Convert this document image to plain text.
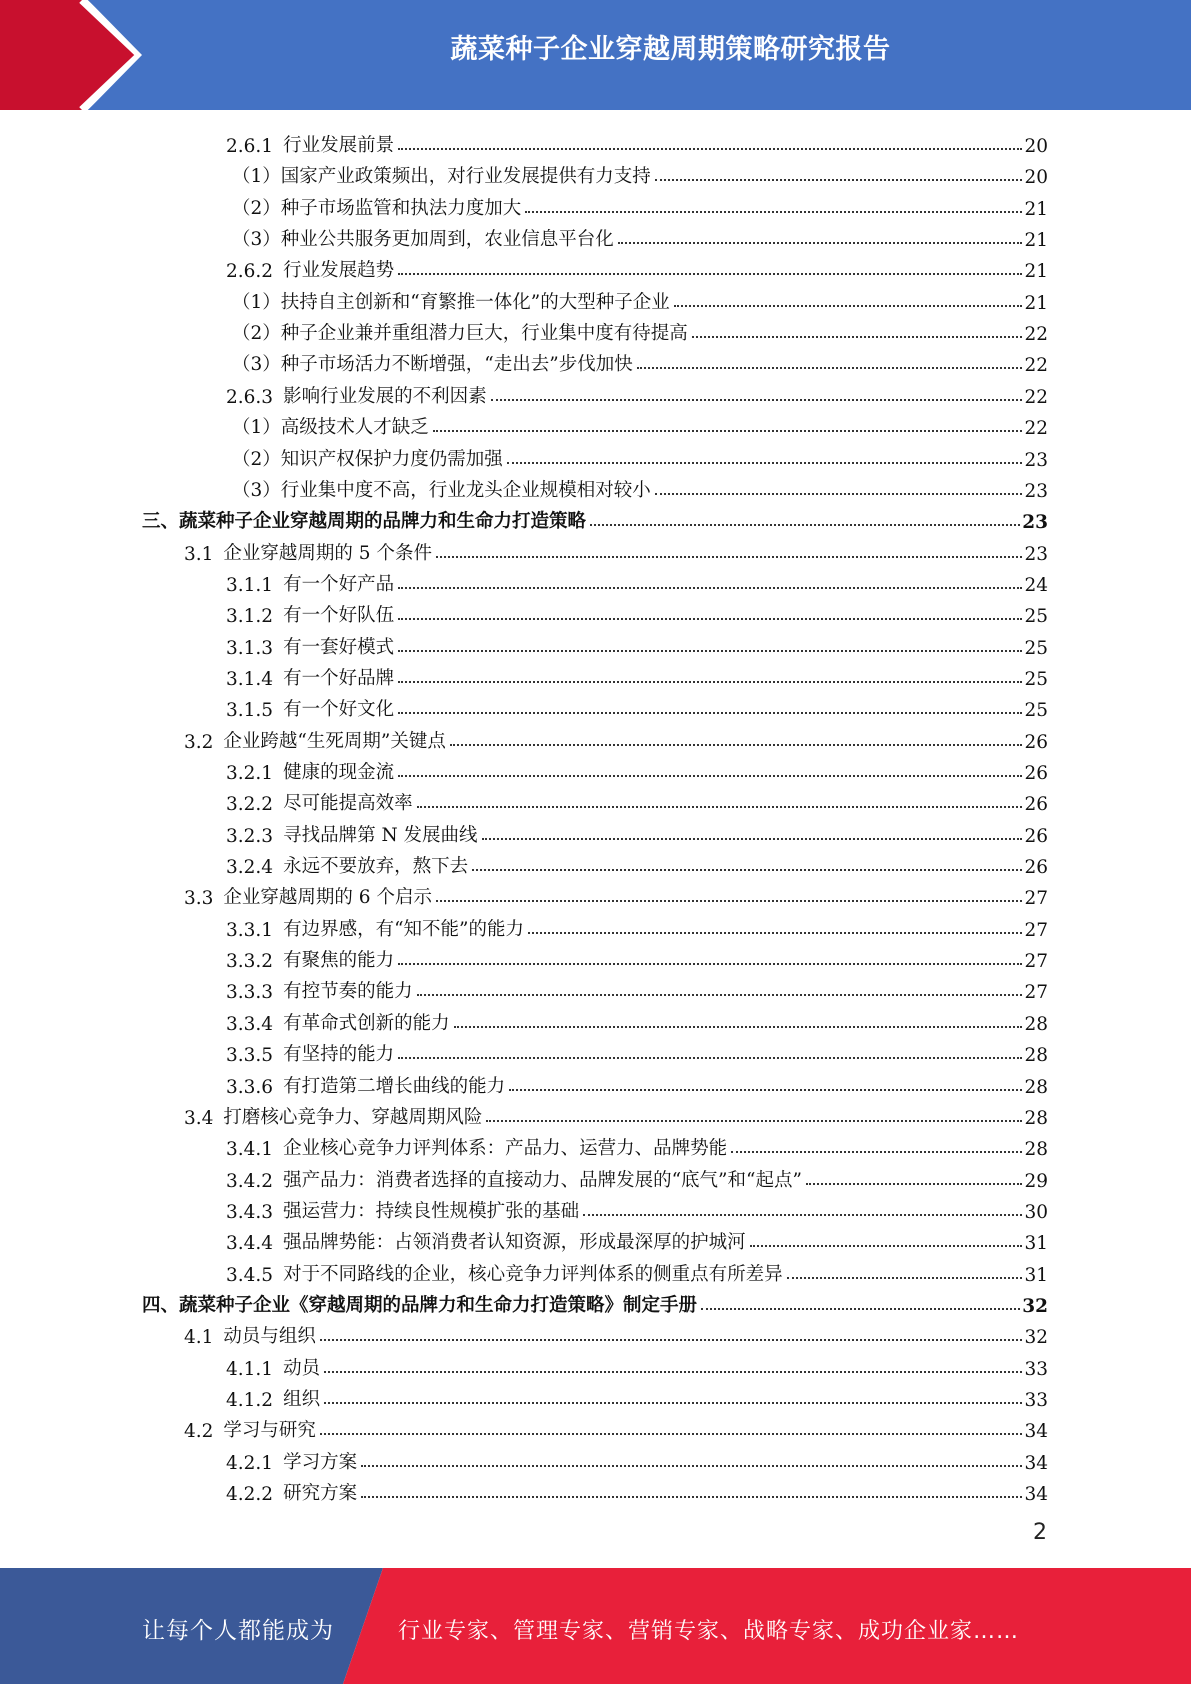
蔬菜种子企业穿越周期策略研究报告
2.6.1 行业发展前景	20
（1） 国家产业政策频出，对行业发展提供有力支持	20
（2） 种子市场监管和执法力度加大	21
（3） 种业公共服务更加周到，农业信息平台化	21
2.6.2 行业发展趋势	21
（1） 扶持自主创新和“育繁推一体化”的大型种子企业	21
（2） 种子企业兼并重组潜力巨大，行业集中度有待提高	22
（3） 种子市场活力不断增强，“走出去”步伐加快	22
2.6.3 影响行业发展的不利因素	22
（1） 高级技术人才缺乏	22
（2） 知识产权保护力度仍需加强	23
（3） 行业集中度不高，行业龙头企业规模相对较小	23
三、 蔬菜种子企业穿越周期的品牌力和生命力打造策略	23
3.1 企业穿越周期的 5 个条件	23
3.1.1 有一个好产品	24
3.1.2 有一个好队伍	25
3.1.3 有一套好模式	25
3.1.4 有一个好品牌	25
3.1.5 有一个好文化	25
3.2 企业跨越“生死周期”关键点	26
3.2.1 健康的现金流	26
3.2.2 尽可能提高效率	26
3.2.3 寻找品牌第 N 发展曲线	26
3.2.4 永远不要放弃，熬下去	26
3.3 企业穿越周期的 6 个启示	27
3.3.1 有边界感，有“知不能”的能力	27
3.3.2 有聚焦的能力	27
3.3.3 有控节奏的能力	27
3.3.4 有革命式创新的能力	28
3.3.5 有坚持的能力	28
3.3.6 有打造第二增长曲线的能力	28
3.4 打磨核心竞争力、穿越周期风险	28
3.4.1 企业核心竞争力评判体系：产品力、运营力、品牌势能	28
3.4.2 强产品力：消费者选择的直接动力、品牌发展的“底气”和“起点”	29
3.4.3 强运营力：持续良性规模扩张的基础	30
3.4.4 强品牌势能：占领消费者认知资源，形成最深厚的护城河	31
3.4.5 对于不同路线的企业，核心竞争力评判体系的侧重点有所差异	31
四、 蔬菜种子企业《穿越周期的品牌力和生命力打造策略》制定手册	32
4.1 动员与组织	32
4.1.1 动员	33
4.1.2 组织	33
4.2 学习与研究	34
4.2.1 学习方案	34
4.2.2 研究方案	34
2
让每个人都能成为	行业专家、管理专家、营销专家、战略专家、成功企业家……
